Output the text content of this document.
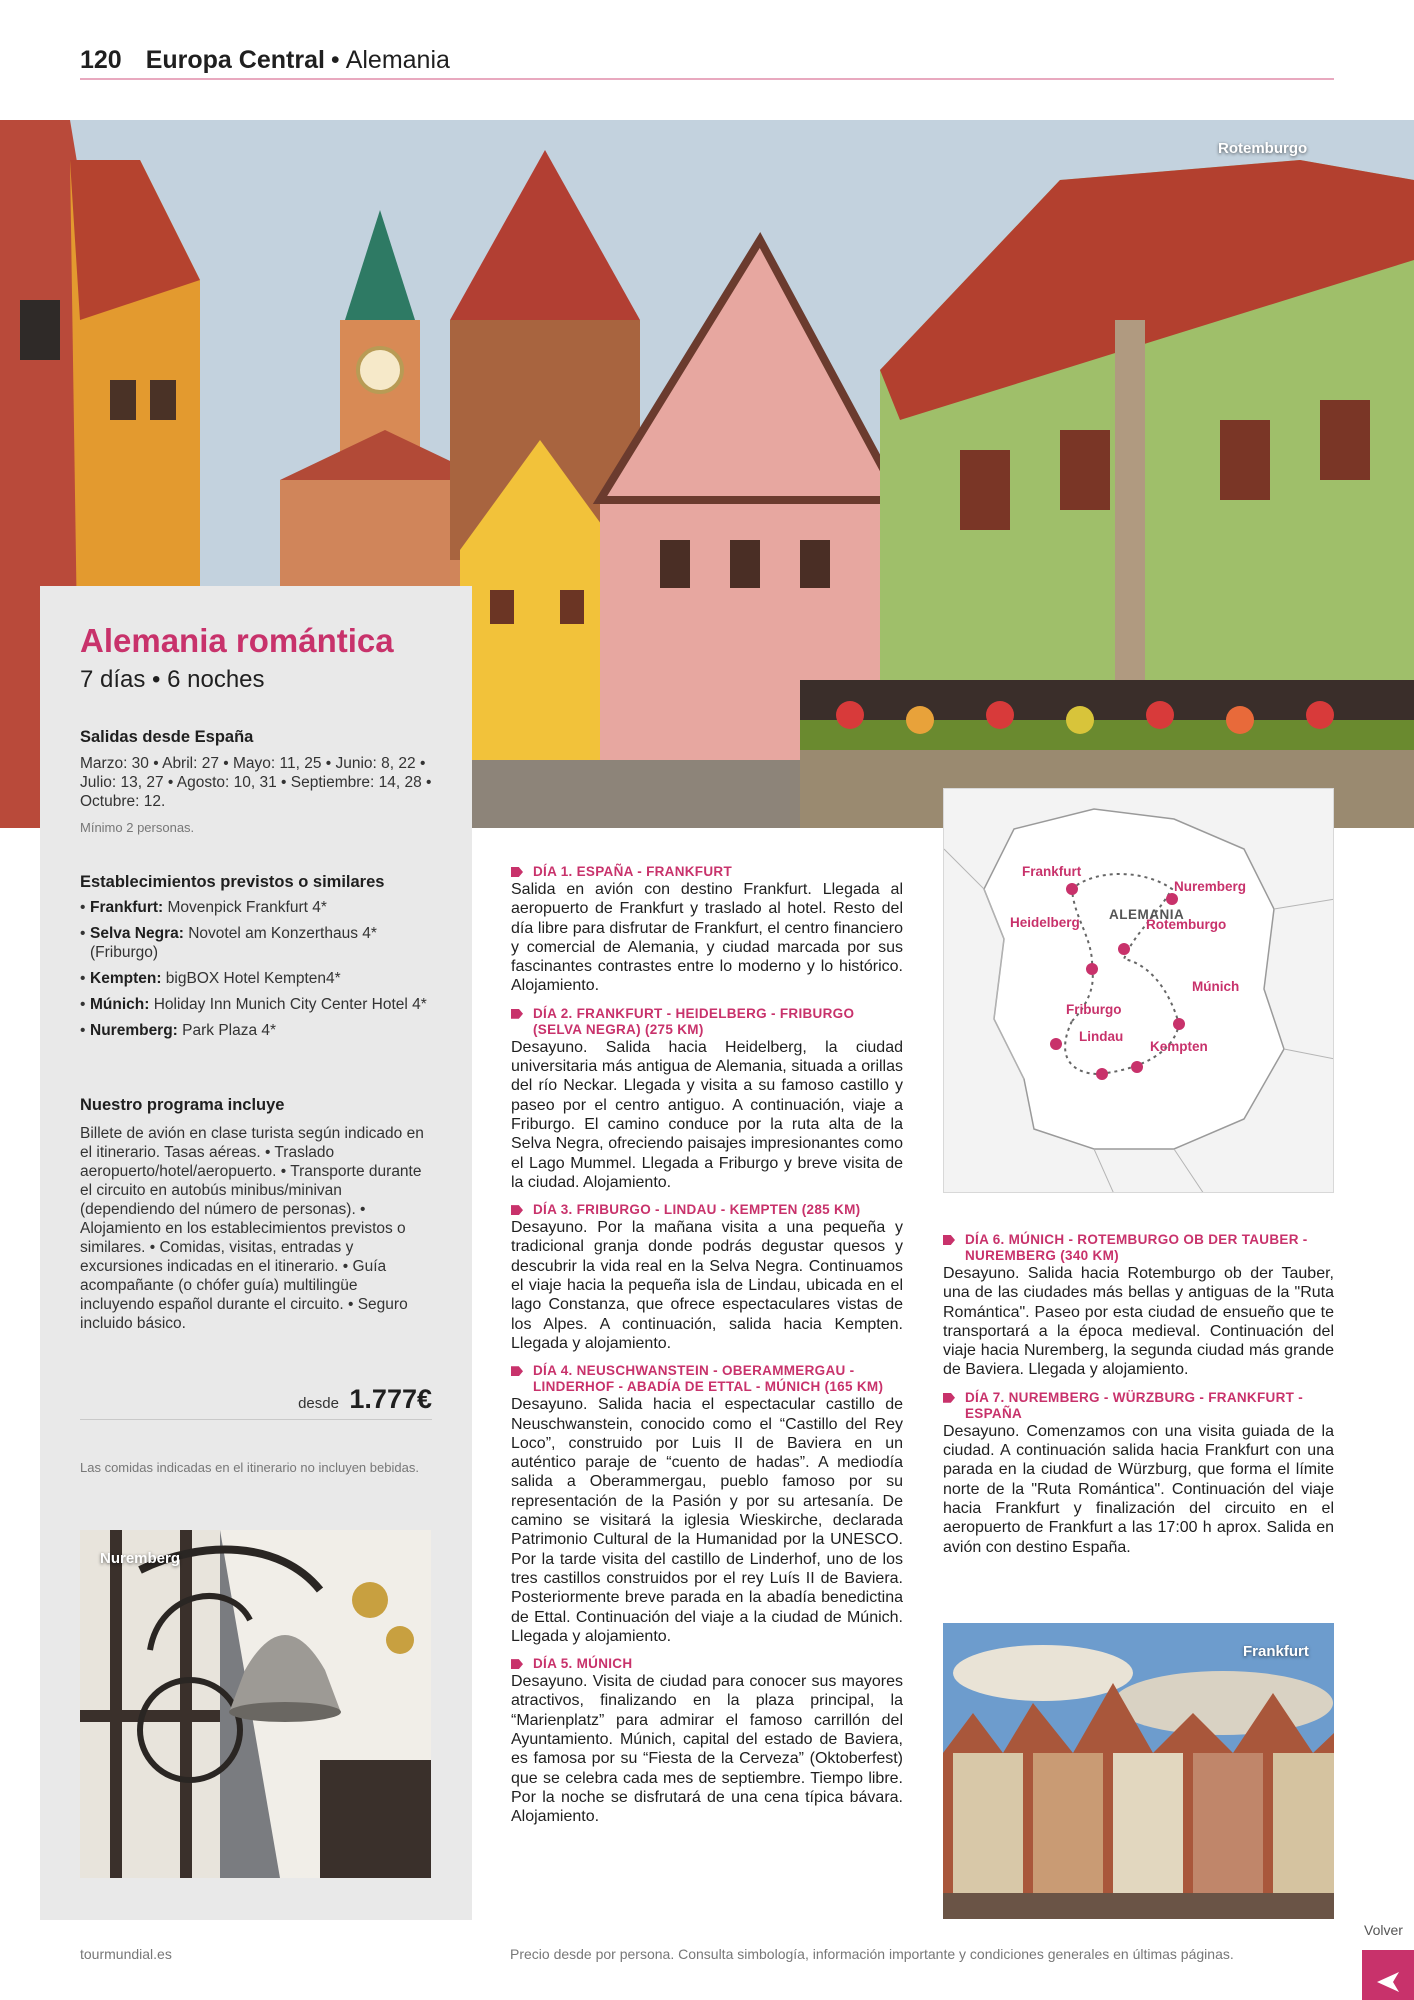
120 Europa Central • Alemania
Rotemburgo
Alemania romántica
7 días • 6 noches
Salidas desde España
Marzo: 30 • Abril: 27 • Mayo: 11, 25 • Junio: 8, 22 • Julio: 13, 27 • Agosto: 10, 31 • Septiembre: 14, 28 • Octubre: 12.
Mínimo 2 personas.
Establecimientos previstos o similares
• Frankfurt: Movenpick Frankfurt 4*
• Selva Negra: Novotel am Konzerthaus 4* (Friburgo)
• Kempten: bigBOX Hotel Kempten4*
• Múnich: Holiday Inn Munich City Center Hotel 4*
• Nuremberg: Park Plaza 4*
Nuestro programa incluye
Billete de avión en clase turista según indicado en el itinerario. Tasas aéreas. • Traslado aeropuerto/hotel/aeropuerto. • Transporte durante el circuito en autobús minibus/minivan (dependiendo del número de personas). • Alojamiento en los establecimientos previstos o similares. • Comidas, visitas, entradas y excursiones indicadas en el itinerario. • Guía acompañante (o chófer guía) multilingüe incluyendo español durante el circuito. • Seguro incluido básico.
desde 1.777€
Las comidas indicadas en el itinerario no incluyen bebidas.
Nuremberg
DÍA 1. ESPAÑA - FRANKFURT
Salida en avión con destino Frankfurt. Llegada al aeropuerto de Frankfurt y traslado al hotel. Resto del día libre para disfrutar de Frankfurt, el centro financiero y comercial de Alemania, y ciudad marcada por sus fascinantes contrastes entre lo moderno y lo histórico. Alojamiento.
DÍA 2. FRANKFURT - HEIDELBERG - FRIBURGO (SELVA NEGRA) (275 KM)
Desayuno. Salida hacia Heidelberg, la ciudad universitaria más antigua de Alemania, situada a orillas del río Neckar. Llegada y visita a su famoso castillo y paseo por el centro antiguo. A continuación, viaje a Friburgo. El camino conduce por la ruta alta de la Selva Negra, ofreciendo paisajes impresionantes como el Lago Mummel. Llegada a Friburgo y breve visita de la ciudad. Alojamiento.
DÍA 3. FRIBURGO - LINDAU - KEMPTEN (285 KM)
Desayuno. Por la mañana visita a una pequeña y tradicional granja donde podrás degustar quesos y descubrir la vida real en la Selva Negra. Continuamos el viaje hacia la pequeña isla de Lindau, ubicada en el lago Constanza, que ofrece espectaculares vistas de los Alpes. A continuación, salida hacia Kempten. Llegada y alojamiento.
DÍA 4. NEUSCHWANSTEIN - OBERAMMERGAU - LINDERHOF - ABADÍA DE ETTAL - MÚNICH (165 KM)
Desayuno. Salida hacia el espectacular castillo de Neuschwanstein, conocido como el “Castillo del Rey Loco”, construido por Luis II de Baviera en un auténtico paraje de “cuento de hadas”. A mediodía salida a Oberammergau, pueblo famoso por su representación de la Pasión y por su artesanía. De camino se visitará la iglesia Wieskirche, declarada Patrimonio Cultural de la Humanidad por la UNESCO. Por la tarde visita del castillo de Linderhof, uno de los tres castillos construidos por el rey Luís II de Baviera. Posteriormente breve parada en la abadía benedictina de Ettal. Continuación del viaje a la ciudad de Múnich. Llegada y alojamiento.
DÍA 5. MÚNICH
Desayuno. Visita de ciudad para conocer sus mayores atractivos, finalizando en la plaza principal, la “Marienplatz” para admirar el famoso carrillón del Ayuntamiento. Múnich, capital del estado de Baviera, es famosa por su “Fiesta de la Cerveza” (Oktoberfest) que se celebra cada mes de septiembre. Tiempo libre. Por la noche se disfrutará de una cena típica bávara. Alojamiento.
ALEMANIA
Frankfurt
Nuremberg
Heidelberg	Rotemburgo
Múnich
Friburgo
Lindau
Kempten
DÍA 6. MÚNICH - ROTEMBURGO OB DER TAUBER - NUREMBERG (340 KM)
Desayuno. Salida hacia Rotemburgo ob der Tauber, una de las ciudades más bellas y antiguas de la "Ruta Romántica". Paseo por esta ciudad de ensueño que te transportará a la época medieval. Continuación del viaje hacia Nuremberg, la segunda ciudad más grande de Baviera. Llegada y alojamiento.
DÍA 7. NUREMBERG - WÜRZBURG - FRANKFURT - ESPAÑA
Desayuno. Comenzamos con una visita guiada de la ciudad. A continuación salida hacia Frankfurt con una parada en la ciudad de Würzburg, que forma el límite norte de la "Ruta Romántica". Continuación del viaje hacia Frankfurt y finalización del circuito en el aeropuerto de Frankfurt a las 17:00 h aprox. Salida en avión con destino España.
Frankfurt
tourmundial.es	Precio desde por persona. Consulta simbología, información importante y condiciones generales en últimas páginas.
Volver
